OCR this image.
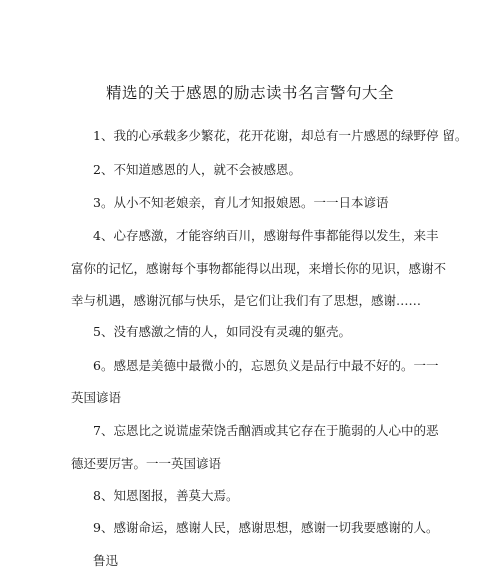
精选的关于感恩的励志读书名言警句大全
1、我的心承载多少繁花，花开花谢，却总有一片感恩的绿野停 留。
2、不知道感恩的人，就不会被感恩。
3。从小不知老娘亲，育儿才知报娘恩。一一日本谚语
4、心存感激，才能容纳百川，感谢每件事都能得以发生，来丰
富你的记忆，感谢每个事物都能得以出现，来增长你的见识，感谢不
幸与机遇，感谢沉郁与快乐，是它们让我们有了思想，感谢……
5、没有感激之情的人，如同没有灵魂的躯壳。
6。感恩是美德中最微小的，忘恩负义是品行中最不好的。一一
英国谚语
7、忘恩比之说谎虚荣饶舌酗酒或其它存在于脆弱的人心中的恶
德还要厉害。一一英国谚语
8、知恩图报，善莫大焉。
9、感谢命运，感谢人民，感谢思想，感谢一切我要感谢的人。
鲁迅
